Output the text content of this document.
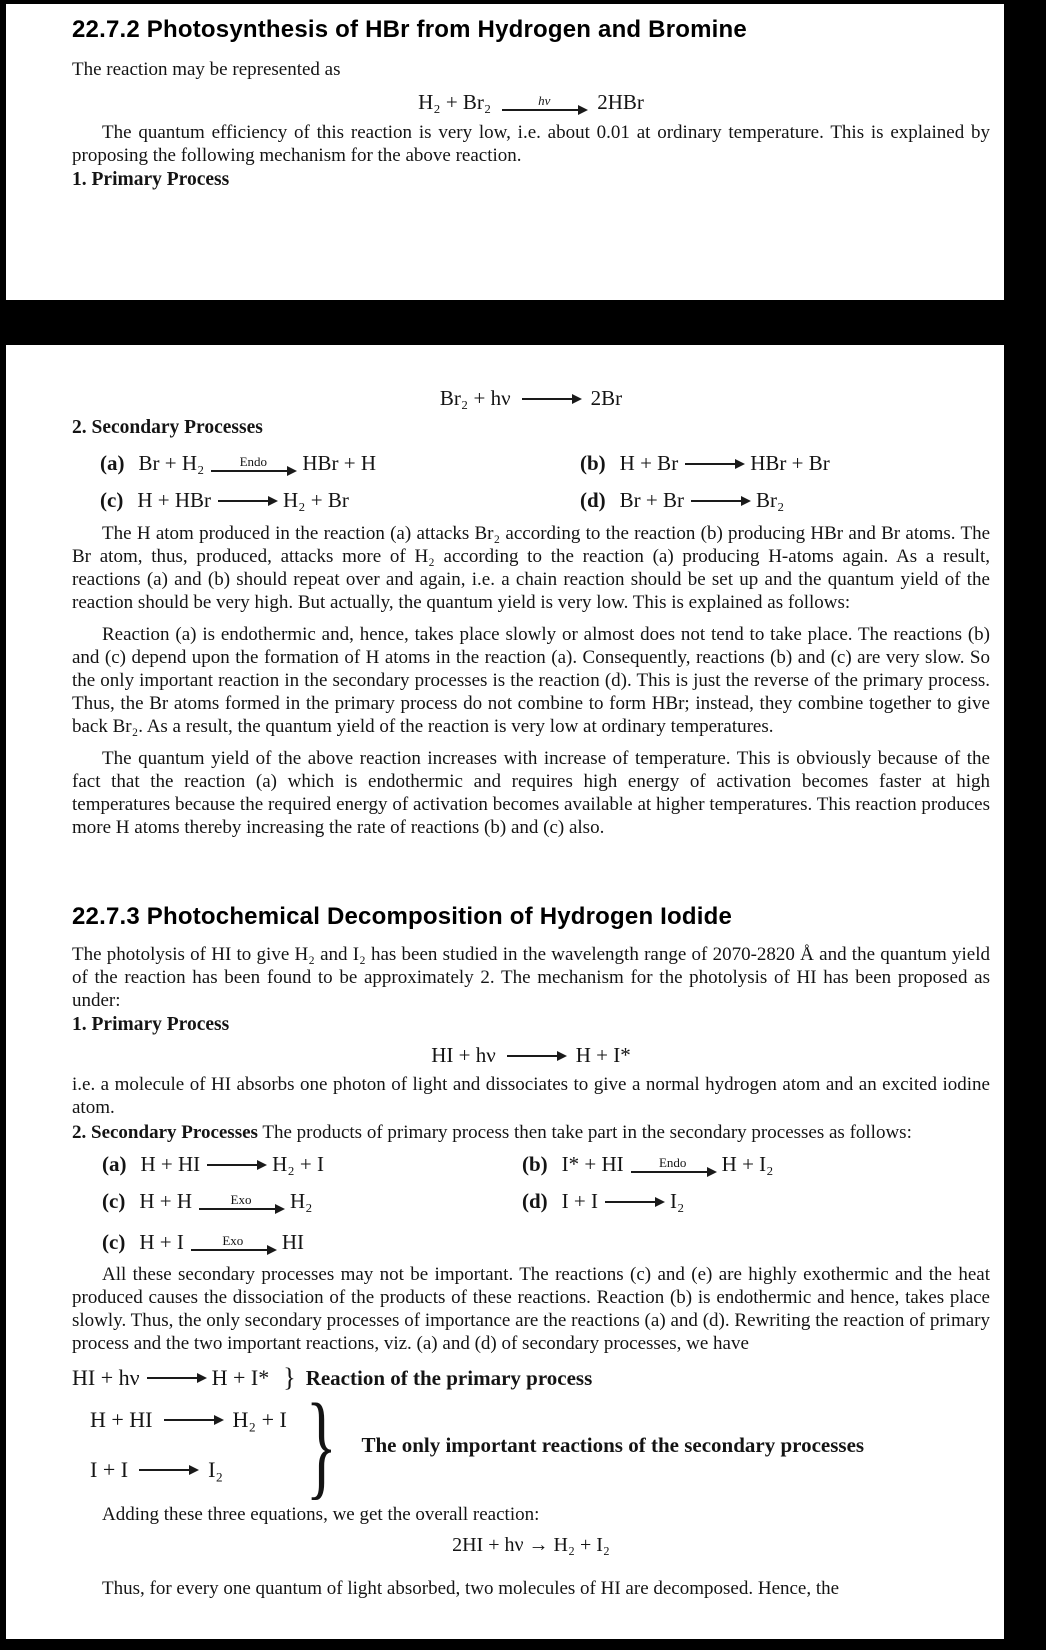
22.7.2 Photosynthesis of HBr from Hydrogen and Bromine

The reaction may be represented as

H₂ + Br₂	hν 2HBr

The quantum efficiency of this reaction is very low, i.e. about 0.01 at ordinary temperature. This is explained by proposing the following mechanism for the above reaction.

1. Primary Process
Br₂ + hν → 2Br
2. Secondary Processes
(a) Br + H₂	Endo HBr + H	(b) H + Br → HBr + Br
(c) H + HBr → H₂ + Br	(d) Br + Br → Br₂

The H atom produced in the reaction (a) attacks Br₂ according to the reaction (b) producing HBr and Br atoms. The Br atom, thus, produced, attacks more of H₂ according to the reaction (a) producing H-atoms again. As a result, reactions (a) and (b) should repeat over and again, i.e. a chain reaction should be set up and the quantum yield of the reaction should be very high. But actually, the quantum yield is very low. This is explained as follows:

Reaction (a) is endothermic and, hence, takes place slowly or almost does not tend to take place. The reactions (b) and (c) depend upon the formation of H atoms in the reaction (a). Consequently, reactions (b) and (c) are very slow. So the only important reaction in the secondary processes is the reaction (d). This is just the reverse of the primary process. Thus, the Br atoms formed in the primary process do not combine to form HBr; instead, they combine together to give back Br₂. As a result, the quantum yield of the reaction is very low at ordinary temperatures.

The quantum yield of the above reaction increases with increase of temperature. This is obviously because of the fact that the reaction (a) which is endothermic and requires high energy of activation becomes faster at high temperatures because the required energy of activation becomes available at higher temperatures. This reaction produces more H atoms thereby increasing the rate of reactions (b) and (c) also.

22.7.3 Photochemical Decomposition of Hydrogen Iodide

The photolysis of HI to give H₂ and I₂ has been studied in the wavelength range of 2070-2820 Å and the quantum yield of the reaction has been found to be approximately 2. The mechanism for the photolysis of HI has been proposed as under:

1. Primary Process
HI + hν → H + I*

i.e. a molecule of HI absorbs one photon of light and dissociates to give a normal hydrogen atom and an excited iodine atom.

2. Secondary Processes The products of primary process then take part in the secondary processes as follows:

(a) H + HI → H₂ + I	(b) I* + HI	Endo H + I₂
(c) H + H	Exo H₂	(d) I + I → I₂
(c) H + I	Exo HI

All these secondary processes may not be important. The reactions (c) and (e) are highly exothermic and the heat produced causes the dissociation of the products of these reactions. Reaction (b) is endothermic and hence, takes place slowly. Thus, the only secondary processes of importance are the reactions (a) and (d). Rewriting the reaction of primary process and the two important reactions, viz. (a) and (d) of secondary processes, we have

HI + hν → H + I* } Reaction of the primary process
H + HI → H₂ + I
I + I → I₂ } The only important reactions of the secondary processes

Adding these three equations, we get the overall reaction:

2HI + hν → H₂ + I₂

Thus, for every one quantum of light absorbed, two molecules of HI are decomposed. Hence, the
